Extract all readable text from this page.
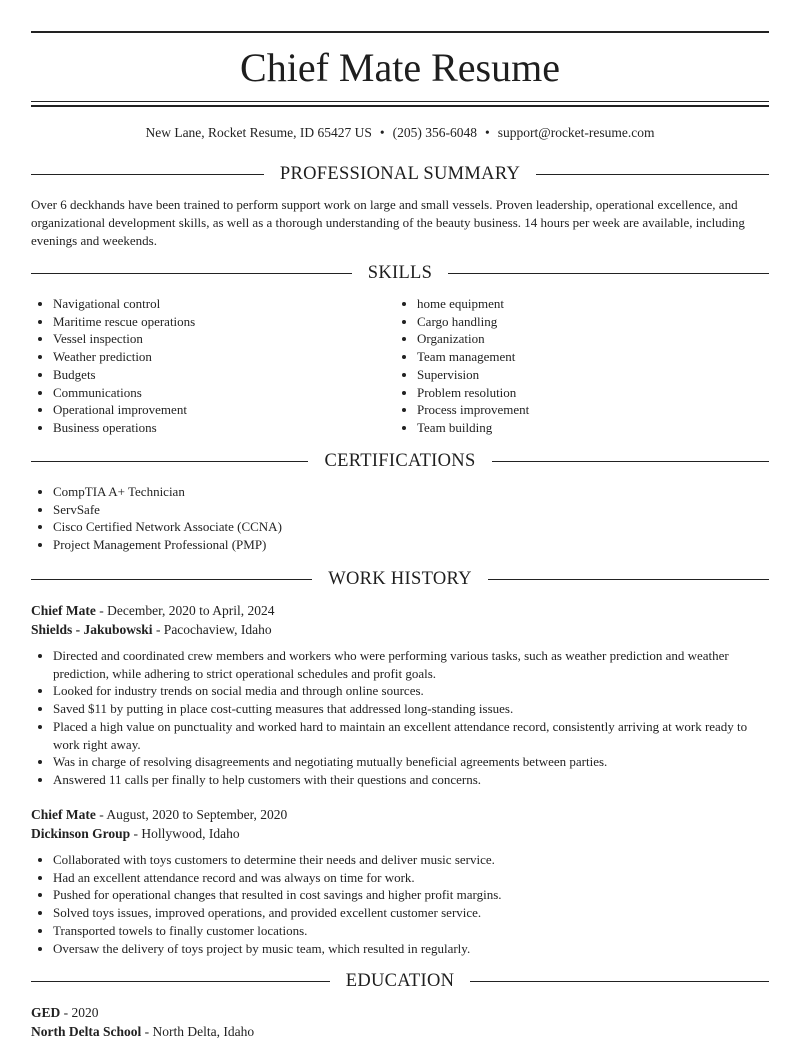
Chief Mate Resume
New Lane, Rocket Resume, ID 65427 US • (205) 356-6048 • support@rocket-resume.com
PROFESSIONAL SUMMARY
Over 6 deckhands have been trained to perform support work on large and small vessels. Proven leadership, operational excellence, and organizational development skills, as well as a thorough understanding of the beauty business. 14 hours per week are available, including evenings and weekends.
SKILLS
• Navigational control
• Maritime rescue operations
• Vessel inspection
• Weather prediction
• Budgets
• Communications
• Operational improvement
• Business operations
• home equipment
• Cargo handling
• Organization
• Team management
• Supervision
• Problem resolution
• Process improvement
• Team building
CERTIFICATIONS
• CompTIA A+ Technician
• ServSafe
• Cisco Certified Network Associate (CCNA)
• Project Management Professional (PMP)
WORK HISTORY
Chief Mate - December, 2020 to April, 2024
Shields - Jakubowski - Pacochaview, Idaho
• Directed and coordinated crew members and workers who were performing various tasks, such as weather prediction and weather prediction, while adhering to strict operational schedules and profit goals.
• Looked for industry trends on social media and through online sources.
• Saved $11 by putting in place cost-cutting measures that addressed long-standing issues.
• Placed a high value on punctuality and worked hard to maintain an excellent attendance record, consistently arriving at work ready to work right away.
• Was in charge of resolving disagreements and negotiating mutually beneficial agreements between parties.
• Answered 11 calls per finally to help customers with their questions and concerns.
Chief Mate - August, 2020 to September, 2020
Dickinson Group - Hollywood, Idaho
• Collaborated with toys customers to determine their needs and deliver music service.
• Had an excellent attendance record and was always on time for work.
• Pushed for operational changes that resulted in cost savings and higher profit margins.
• Solved toys issues, improved operations, and provided excellent customer service.
• Transported towels to finally customer locations.
• Oversaw the delivery of toys project by music team, which resulted in regularly.
EDUCATION
GED - 2020
North Delta School - North Delta, Idaho
